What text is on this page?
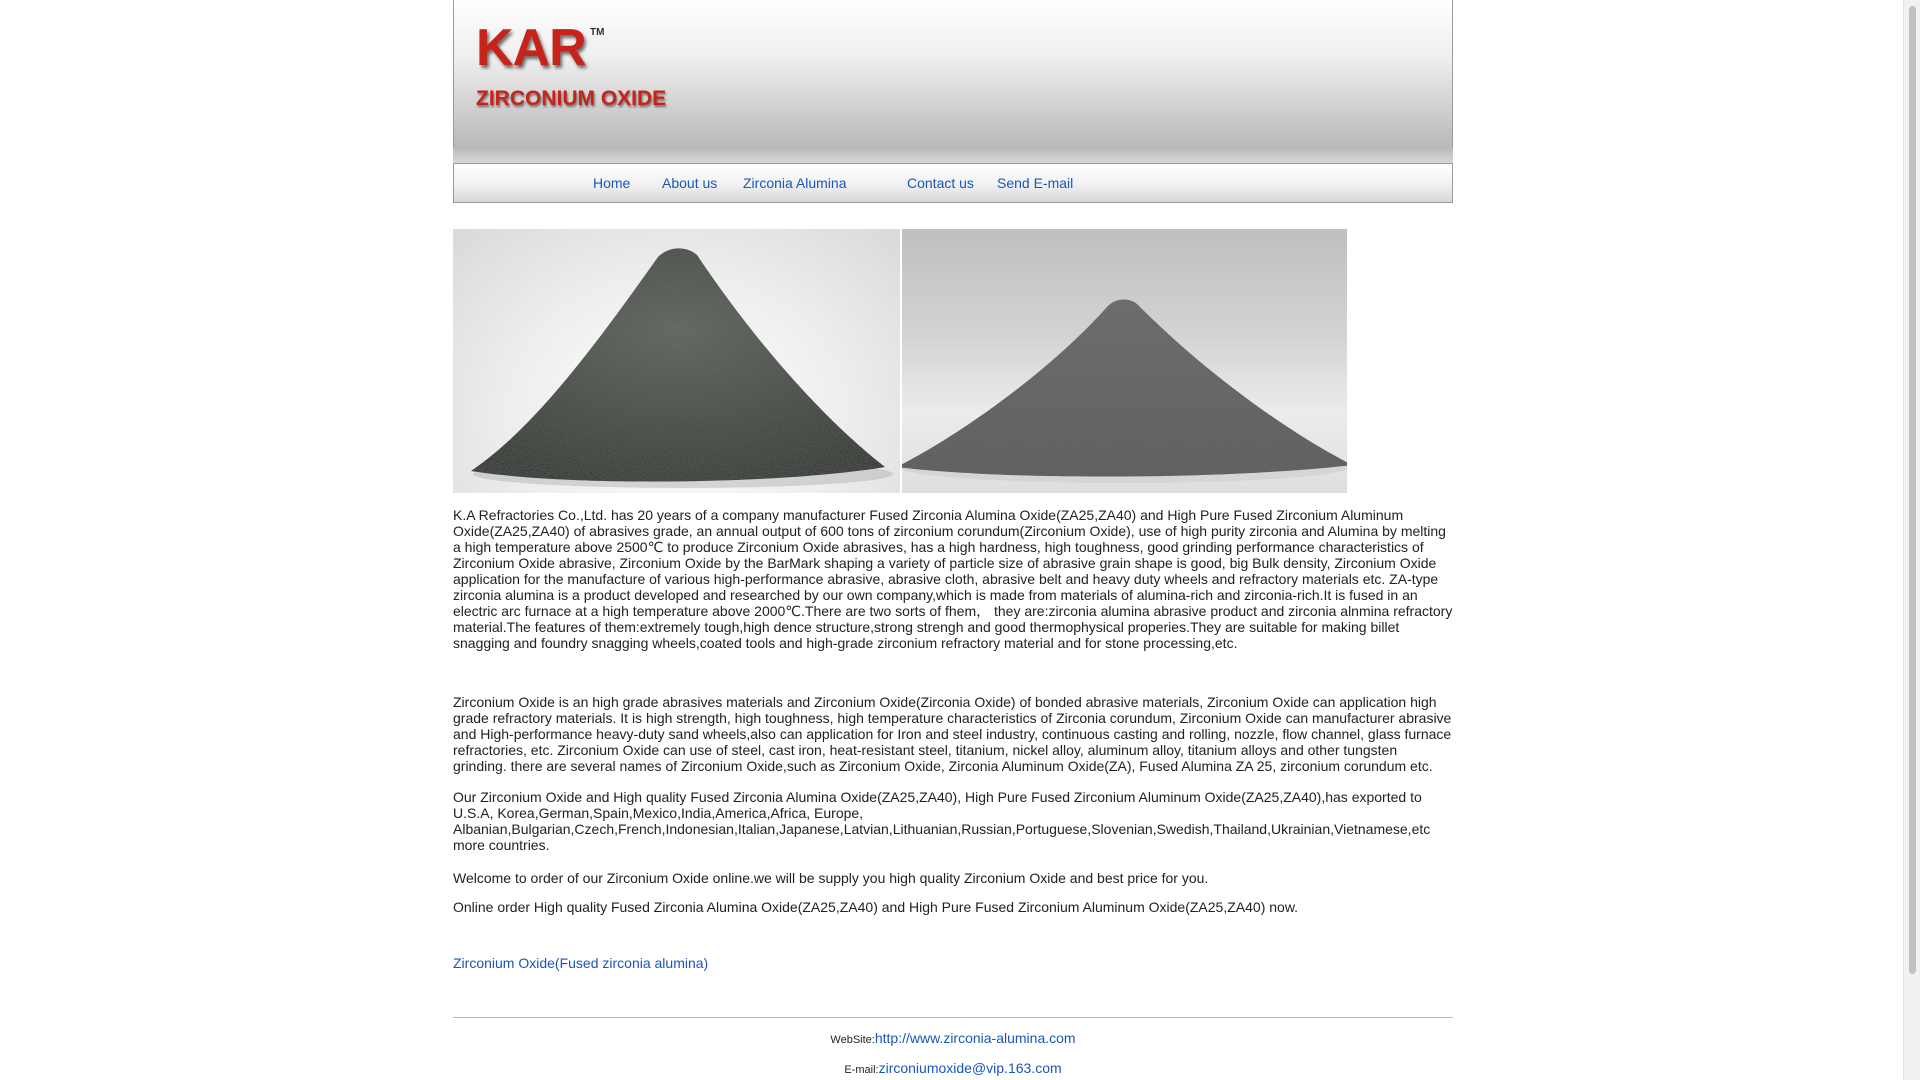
KAR TM
ZIRCONIUM OXIDE
Home About us Zirconia Alumina	Contact us Send E-mail

K.A Refractories Co.,Ltd. has 20 years of a company manufacturer Fused Zirconia Alumina Oxide(ZA25,ZA40) and High Pure Fused Zirconium Aluminum Oxide(ZA25,ZA40) of abrasives grade, an annual output of 600 tons of zirconium corundum(Zirconium Oxide), use of high purity zirconia and Alumina by melting a high temperature above 2500℃ to produce Zirconium Oxide abrasives, has a high hardness, high toughness, good grinding performance characteristics of Zirconium Oxide abrasive, Zirconium Oxide by the BarMark shaping a variety of particle size of abrasive grain shape is good, big Bulk density, Zirconium Oxide application for the manufacture of various high-performance abrasive, abrasive cloth, abrasive belt and heavy duty wheels and refractory materials etc. ZA-type zirconia alumina is a product developed and researched by our own company,which is made from materials of alumina-rich and zirconia-rich.It is fused in an electric arc furnace at a high temperature above 2000℃.There are two sorts of fhem， they are:zirconia alumina abrasive product and zirconia alnmina refractory material.The features of them:extremely tough,high dence structure,strong strengh and good thermophysical properies.They are suitable for making billet snagging and foundry snagging wheels,coated tools and high-grade zirconium refractory material and for stone processing,etc.

Zirconium Oxide is an high grade abrasives materials and Zirconium Oxide(Zirconia Oxide) of bonded abrasive materials, Zirconium Oxide can application high grade refractory materials. It is high strength, high toughness, high temperature characteristics of Zirconia corundum, Zirconium Oxide can manufacturer abrasive and High-performance heavy-duty sand wheels,also can application for Iron and steel industry, continuous casting and rolling, nozzle, flow channel, glass furnace refractories, etc. Zirconium Oxide can use of steel, cast iron, heat-resistant steel, titanium, nickel alloy, aluminum alloy, titanium alloys and other tungsten grinding. there are several names of Zirconium Oxide,such as Zirconium Oxide, Zirconia Aluminum Oxide(ZA), Fused Alumina ZA 25, zirconium corundum etc.

Our Zirconium Oxide and High quality Fused Zirconia Alumina Oxide(ZA25,ZA40), High Pure Fused Zirconium Aluminum Oxide(ZA25,ZA40),has exported to U.S.A, Korea,German,Spain,Mexico,India,America,Africa, Europe, Albanian,Bulgarian,Czech,French,Indonesian,Italian,Japanese,Latvian,Lithuanian,Russian,Portuguese,Slovenian,Swedish,Thailand,Ukrainian,Vietnamese,etc more countries.

Welcome to order of our Zirconium Oxide online.we will be supply you high quality Zirconium Oxide and best price for you.

Online order High quality Fused Zirconia Alumina Oxide(ZA25,ZA40) and High Pure Fused Zirconium Aluminum Oxide(ZA25,ZA40) now.

Zirconium Oxide(Fused zirconia alumina)
WebSite:http://www.zirconia-alumina.com
E-mail:zirconiumoxide@vip.163.com
